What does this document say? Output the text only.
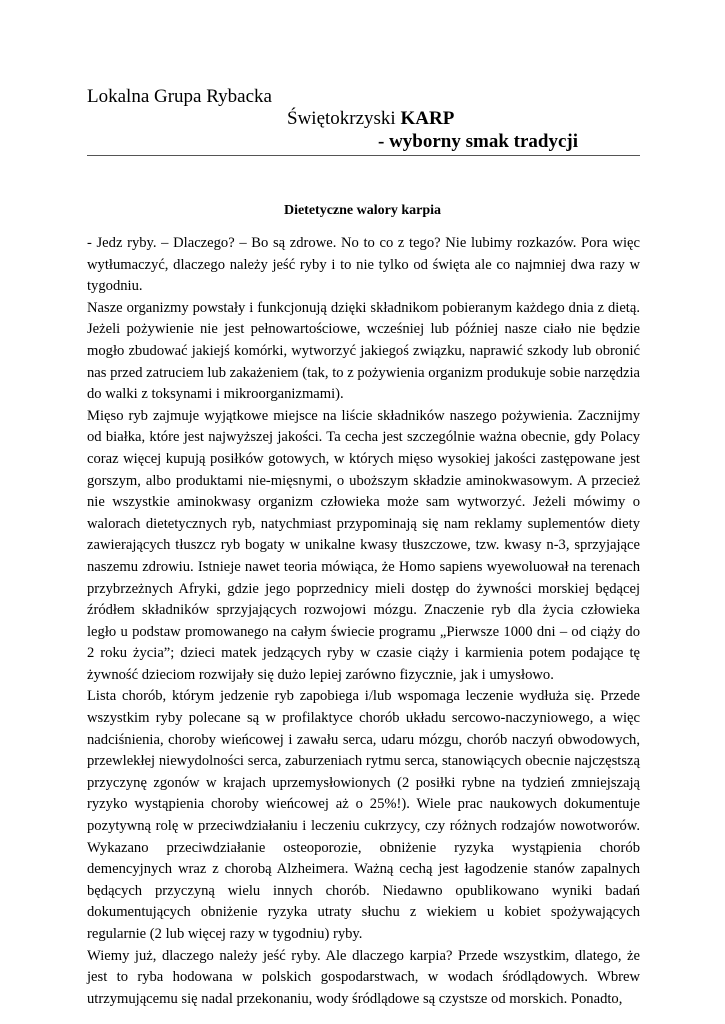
Lokalna Grupa Rybacka
Świętokrzyski KARP
- wyborny smak tradycji
Dietetyczne walory karpia

- Jedz ryby. – Dlaczego? – Bo są zdrowe. No to co z tego? Nie lubimy rozkazów. Pora więc wytłumaczyć, dlaczego należy jeść ryby i to nie tylko od święta ale co najmniej dwa razy w tygodniu.

Nasze organizmy powstały i funkcjonują dzięki składnikom pobieranym każdego dnia z dietą. Jeżeli pożywienie nie jest pełnowartościowe, wcześniej lub później nasze ciało nie będzie mogło zbudować jakiejś komórki, wytworzyć jakiegoś związku, naprawić szkody lub obronić nas przed zatruciem lub zakażeniem (tak, to z pożywienia organizm produkuje sobie narzędzia do walki z toksynami i mikroorganizmami).

Mięso ryb zajmuje wyjątkowe miejsce na liście składników naszego pożywienia. Zacznijmy od białka, które jest najwyższej jakości. Ta cecha jest szczególnie ważna obecnie, gdy Polacy coraz więcej kupują posiłków gotowych, w których mięso wysokiej jakości zastępowane jest gorszym, albo produktami nie-mięsnymi, o uboższym składzie aminokwasowym. A przecież nie wszystkie aminokwasy organizm człowieka może sam wytworzyć. Jeżeli mówimy o walorach dietetycznych ryb, natychmiast przypominają się nam reklamy suplementów diety zawierających tłuszcz ryb bogaty w unikalne kwasy tłuszczowe, tzw. kwasy n-3, sprzyjające naszemu zdrowiu. Istnieje nawet teoria mówiąca, że Homo sapiens wyewoluował na terenach przybrzeżnych Afryki, gdzie jego poprzednicy mieli dostęp do żywności morskiej będącej źródłem składników sprzyjających rozwojowi mózgu. Znaczenie ryb dla życia człowieka legło u podstaw promowanego na całym świecie programu „Pierwsze 1000 dni – od ciąży do 2 roku życia”; dzieci matek jedzących ryby w czasie ciąży i karmienia potem podające tę żywność dzieciom rozwijały się dużo lepiej zarówno fizycznie, jak i umysłowo.

Lista chorób, którym jedzenie ryb zapobiega i/lub wspomaga leczenie wydłuża się. Przede wszystkim ryby polecane są w profilaktyce chorób układu sercowo-naczyniowego, a więc nadciśnienia, choroby wieńcowej i zawału serca, udaru mózgu, chorób naczyń obwodowych, przewlekłej niewydolności serca, zaburzeniach rytmu serca, stanowiących obecnie najczęstszą przyczynę zgonów w krajach uprzemysłowionych (2 posiłki rybne na tydzień zmniejszają ryzyko wystąpienia choroby wieńcowej aż o 25%!). Wiele prac naukowych dokumentuje pozytywną rolę w przeciwdziałaniu i leczeniu cukrzycy, czy różnych rodzajów nowotworów. Wykazano przeciwdziałanie osteoporozie, obniżenie ryzyka wystąpienia chorób demencyjnych wraz z chorobą Alzheimera. Ważną cechą jest łagodzenie stanów zapalnych będących przyczyną wielu innych chorób. Niedawno opublikowano wyniki badań dokumentujących obniżenie ryzyka utraty słuchu z wiekiem u kobiet spożywających regularnie (2 lub więcej razy w tygodniu) ryby.

Wiemy już, dlaczego należy jeść ryby. Ale dlaczego karpia? Przede wszystkim, dlatego, że jest to ryba hodowana w polskich gospodarstwach, w wodach śródlądowych. Wbrew utrzymującemu się nadal przekonaniu, wody śródlądowe są czystsze od morskich. Ponadto,
